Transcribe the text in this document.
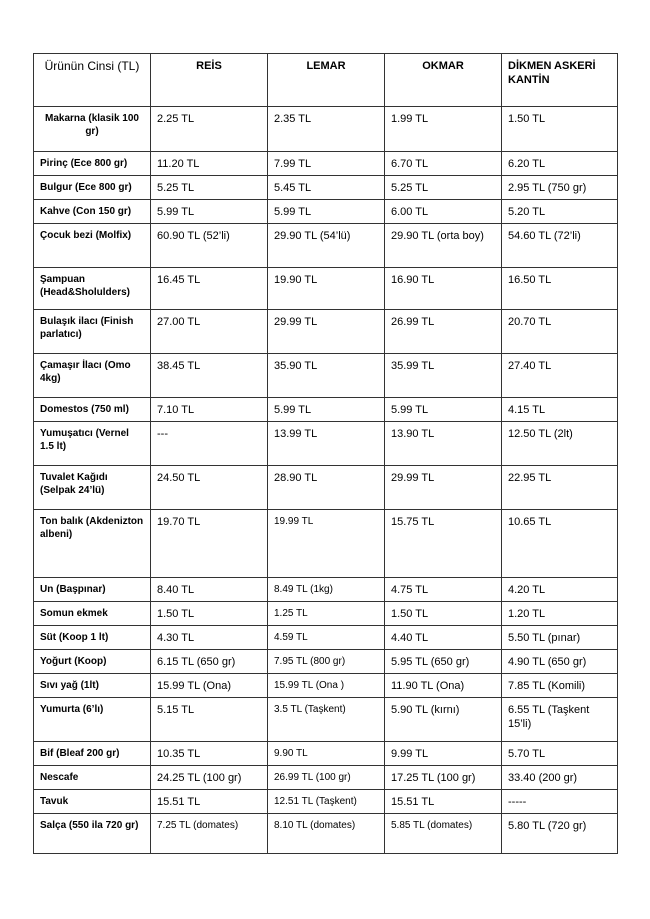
Ürünün Cinsi (TL)	REİS	LEMAR	OKMAR	DİKMEN ASKERİ KANTİN
Makarna (klasik 100 gr)	2.25 TL	2.35 TL	1.99 TL	1.50 TL
Pirinç (Ece 800 gr)	11.20 TL	7.99 TL	6.70 TL	6.20 TL
Bulgur (Ece 800 gr)	5.25 TL	5.45 TL	5.25 TL	2.95 TL (750 gr)
Kahve (Con 150 gr)	5.99 TL	5.99 TL	6.00 TL	5.20 TL
Çocuk bezi (Molfix)	60.90 TL (52’li)	29.90 TL (54’lü)	29.90 TL (orta boy)	54.60 TL (72’li)
Şampuan (Head&Sholulders)	16.45 TL	19.90 TL	16.90 TL	16.50 TL
Bulaşık ilacı (Finish parlatıcı)	27.00 TL	29.99 TL	26.99 TL	20.70 TL
Çamaşır İlacı (Omo 4kg)	38.45 TL	35.90 TL	35.99 TL	27.40 TL
Domestos (750 ml)	7.10 TL	5.99 TL	5.99 TL	4.15 TL
Yumuşatıcı (Vernel 1.5 lt)	---	13.99 TL	13.90 TL	12.50 TL (2lt)
Tuvalet Kağıdı (Selpak 24’lü)	24.50 TL	28.90 TL	29.99 TL	22.95 TL
Ton balık (Akdenizton albeni)	19.70 TL	19.99 TL	15.75 TL	10.65 TL
Un (Başpınar)	8.40 TL	8.49 TL (1kg)	4.75 TL	4.20 TL
Somun ekmek	1.50 TL	1.25 TL	1.50 TL	1.20 TL
Süt (Koop 1 lt)	4.30 TL	4.59 TL	4.40 TL	5.50 TL (pınar)
Yoğurt (Koop)	6.15 TL (650 gr)	7.95 TL (800 gr)	5.95 TL (650 gr)	4.90 TL (650 gr)
Sıvı yağ (1lt)	15.99 TL (Ona)	15.99 TL (Ona )	11.90 TL (Ona)	7.85 TL (Komili)
Yumurta (6’lı)	5.15 TL	3.5 TL (Taşkent)	5.90 TL (kırnı)	6.55 TL (Taşkent 15’li)
Bif (Bleaf 200 gr)	10.35 TL	9.90 TL	9.99 TL	5.70 TL
Nescafe	24.25 TL (100 gr)	26.99 TL (100 gr)	17.25 TL (100 gr)	33.40 (200 gr)
Tavuk	15.51 TL	12.51 TL (Taşkent)	15.51 TL	-----
Salça (550 ila 720 gr)	7.25 TL (domates)	8.10 TL (domates)	5.85 TL (domates)	5.80 TL (720 gr)
